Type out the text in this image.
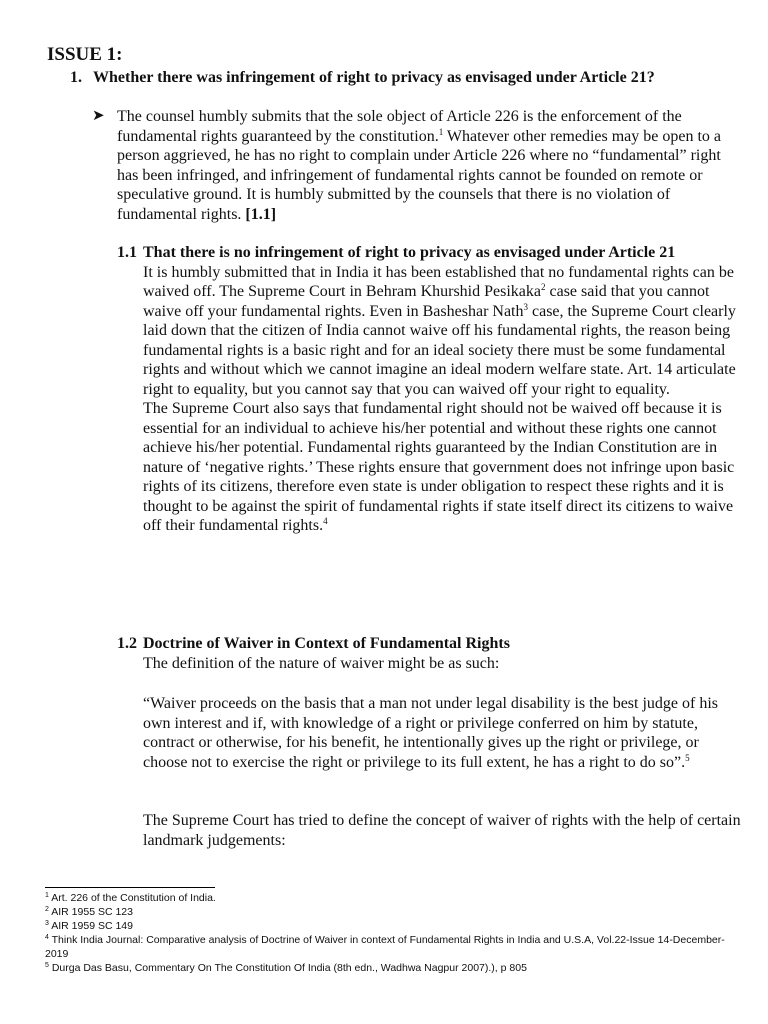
ISSUE 1:
1. Whether there was infringement of right to privacy as envisaged under Article 21?
➤ The counsel humbly submits that the sole object of Article 226 is the enforcement of the fundamental rights guaranteed by the constitution.$^1$ Whatever other remedies may be open to a person aggrieved, he has no right to complain under Article 226 where no “fundamental” right has been infringed, and infringement of fundamental rights cannot be founded on remote or speculative ground. It is humbly submitted by the counsels that there is no violation of fundamental rights. [1.1]
1.1 That there is no infringement of right to privacy as envisaged under Article 21

It is humbly submitted that in India it has been established that no fundamental rights can be waived off. The Supreme Court in Behram Khurshid Pesikaka$^2$ case said that you cannot waive off your fundamental rights. Even in Basheshar Nath$^3$ case, the Supreme Court clearly laid down that the citizen of India cannot waive off his fundamental rights, the reason being fundamental rights is a basic right and for an ideal society there must be some fundamental rights and without which we cannot imagine an ideal modern welfare state. Art. 14 articulate right to equality, but you cannot say that you can waived off your right to equality.

The Supreme Court also says that fundamental right should not be waived off because it is essential for an individual to achieve his/her potential and without these rights one cannot achieve his/her potential. Fundamental rights guaranteed by the Indian Constitution are in nature of ‘negative rights.’ These rights ensure that government does not infringe upon basic rights of its citizens, therefore even state is under obligation to respect these rights and it is thought to be against the spirit of fundamental rights if state itself direct its citizens to waive off their fundamental rights.$^4$

1.2 Doctrine of Waiver in Context of Fundamental Rights
The definition of the nature of waiver might be as such:
“Waiver proceeds on the basis that a man not under legal disability is the best judge of his own interest and if, with knowledge of a right or privilege conferred on him by statute, contract or otherwise, for his benefit, he intentionally gives up the right or privilege, or choose not to exercise the right or privilege to its full extent, he has a right to do so”.$^5$
The Supreme Court has tried to define the concept of waiver of rights with the help of certain landmark judgements:
$^1$ Art. 226 of the Constitution of India.
$^2$ AIR 1955 SC 123
$^3$ AIR 1959 SC 149
$^4$ Think India Journal: Comparative analysis of Doctrine of Waiver in context of Fundamental Rights in India and U.S.A, Vol.22-Issue 14-December-2019
$^5$ Durga Das Basu, Commentary On The Constitution Of India (8th edn., Wadhwa Nagpur 2007).), p 805
